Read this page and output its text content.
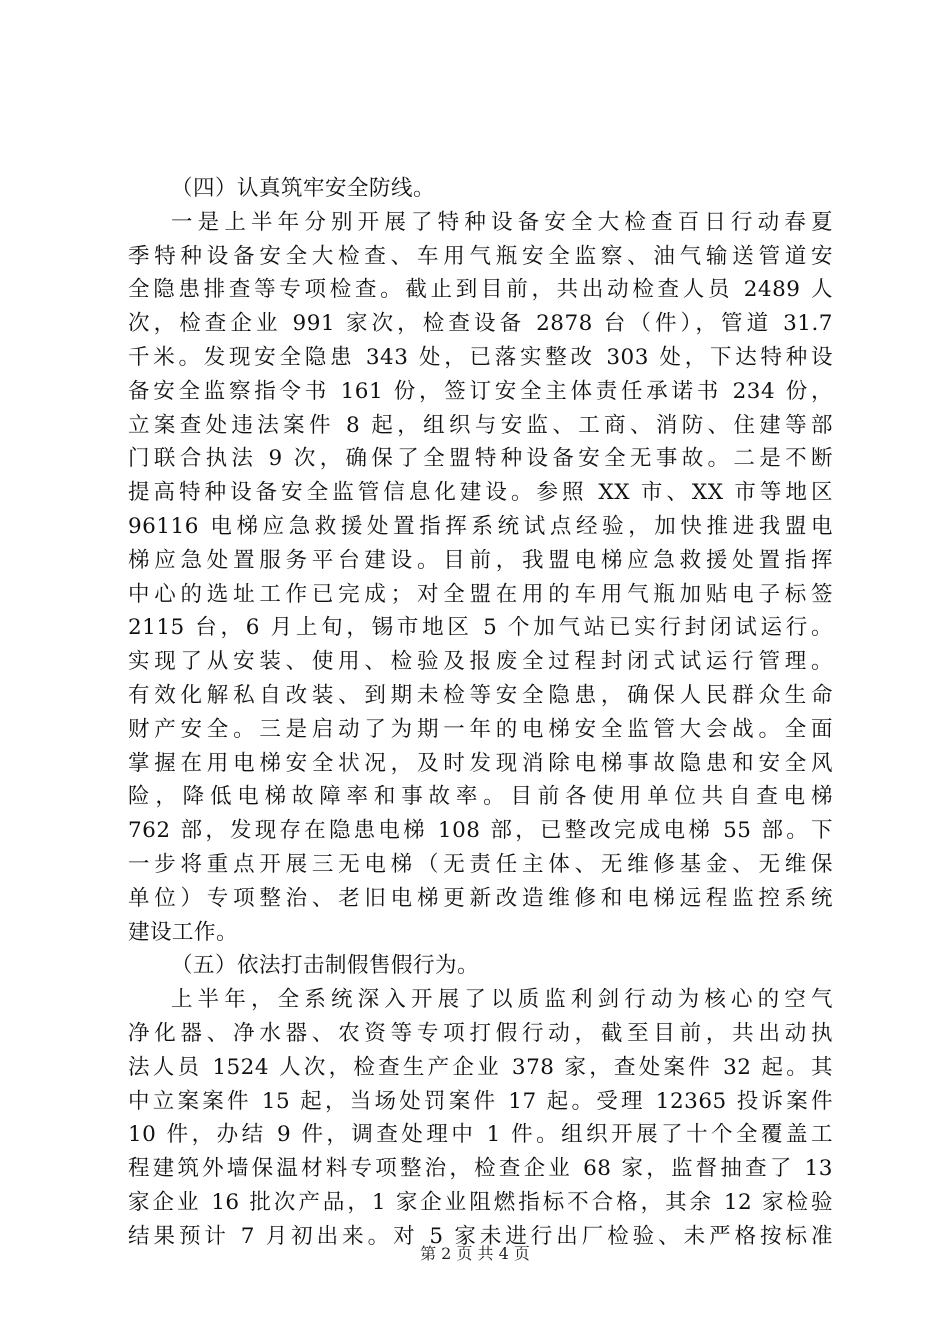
（四）认真筑牢安全防线。
一是上半年分别开展了特种设备安全大检查百日行动春夏
季特种设备安全大检查、车用气瓶安全监察、油气输送管道安
全隐患排查等专项检查。截止到目前，共出动检查人员 2489 人
次，检查企业 991 家次，检查设备 2878 台（件），管道 31.7
千米。发现安全隐患 343 处，已落实整改 303 处，下达特种设
备安全监察指令书 161 份，签订安全主体责任承诺书 234 份，
立案查处违法案件 8 起，组织与安监、工商、消防、住建等部
门联合执法 9 次，确保了全盟特种设备安全无事故。二是不断
提高特种设备安全监管信息化建设。参照 XX 市、XX 市等地区
96116 电梯应急救援处置指挥系统试点经验，加快推进我盟电
梯应急处置服务平台建设。目前，我盟电梯应急救援处置指挥
中心的选址工作已完成；对全盟在用的车用气瓶加贴电子标签
2115 台，6 月上旬，锡市地区 5 个加气站已实行封闭试运行。
实现了从安装、使用、检验及报废全过程封闭式试运行管理。
有效化解私自改装、到期未检等安全隐患，确保人民群众生命
财产安全。三是启动了为期一年的电梯安全监管大会战。全面
掌握在用电梯安全状况，及时发现消除电梯事故隐患和安全风
险，降低电梯故障率和事故率。目前各使用单位共自查电梯
762 部，发现存在隐患电梯 108 部，已整改完成电梯 55 部。下
一步将重点开展三无电梯（无责任主体、无维修基金、无维保
单位）专项整治、老旧电梯更新改造维修和电梯远程监控系统
建设工作。
（五）依法打击制假售假行为。
上半年，全系统深入开展了以质监利剑行动为核心的空气
净化器、净水器、农资等专项打假行动，截至目前，共出动执
法人员 1524 人次，检查生产企业 378 家，查处案件 32 起。其
中立案案件 15 起，当场处罚案件 17 起。受理 12365 投诉案件
10 件，办结 9 件，调查处理中 1 件。组织开展了十个全覆盖工
程建筑外墙保温材料专项整治，检查企业 68 家，监督抽查了 13
家企业 16 批次产品，1 家企业阻燃指标不合格，其余 12 家检验
结果预计 7 月初出来。对 5 家未进行出厂检验、未严格按标准
第 2 页 共 4 页
